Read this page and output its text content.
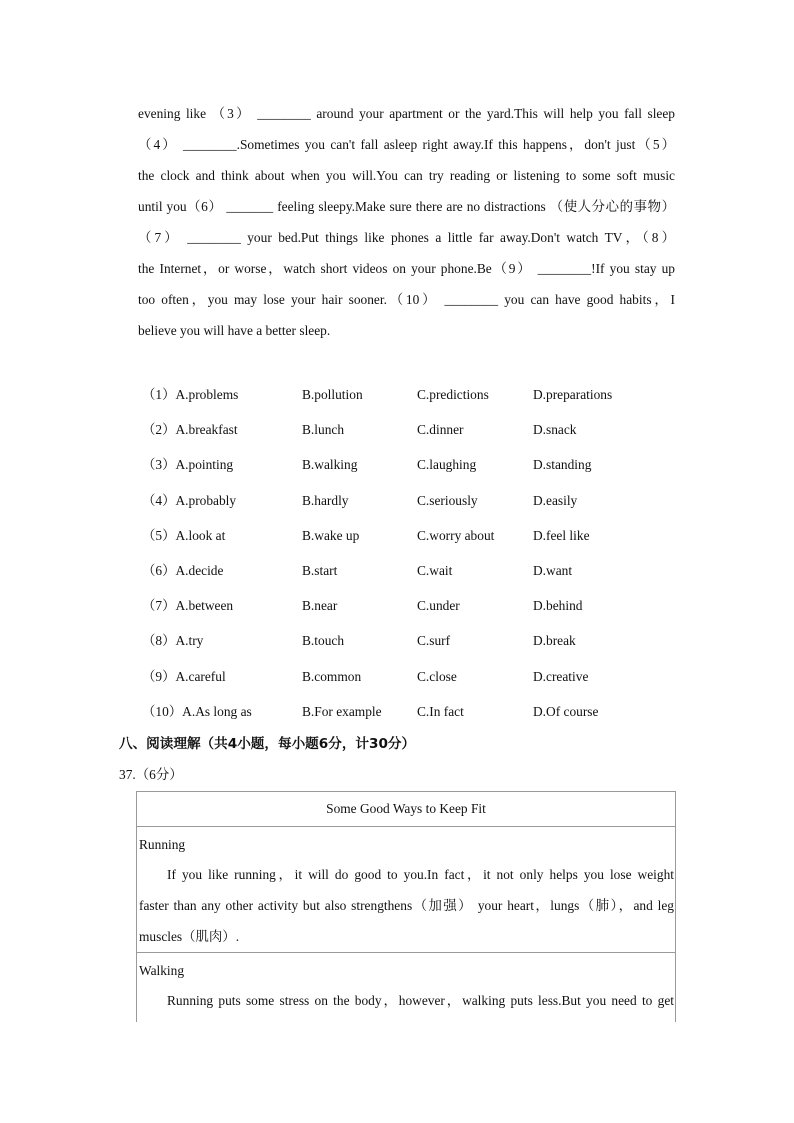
evening like （3） ________ around your apartment or the yard.This will help you fall sleep
（4） ________.Sometimes you can't fall asleep right away.If this happens，don't just（5）
the clock and think about when you will.You can try reading or listening to some soft music
until you（6） _______ feeling sleepy.Make sure there are no distractions （使人分心的事物）
（7） ________ your bed.Put things like phones a little far away.Don't watch TV，（8）
the Internet，or worse，watch short videos on your phone.Be（9） ________!If you stay up
too often，you may lose your hair sooner.（10） ________ you can have good habits，I
believe you will have a better sleep.
（1）A.problems	B.pollution	C.predictions	D.preparations
（2）A.breakfast	B.lunch	C.dinner	D.snack
（3）A.pointing	B.walking	C.laughing	D.standing
（4）A.probably	B.hardly	C.seriously	D.easily
（5）A.look at	B.wake up	C.worry about	D.feel like
（6）A.decide	B.start	C.wait	D.want
（7）A.between	B.near	C.under	D.behind
（8）A.try	B.touch	C.surf	D.break
（9）A.careful	B.common	C.close	D.creative
（10）A.As long as	B.For example	C.In fact	D.Of course
八、阅读理解（共4小题，每小题6分，计30分）
37.（6分）
Some Good Ways to Keep Fit
Running
If you like running，it will do good to you.In fact，it not only helps you lose weight
faster than any other activity but also strengthens（加强） your heart，lungs（肺），and leg
muscles（肌肉）.
Walking
Running puts some stress on the body，however，walking puts less.But you need to get
